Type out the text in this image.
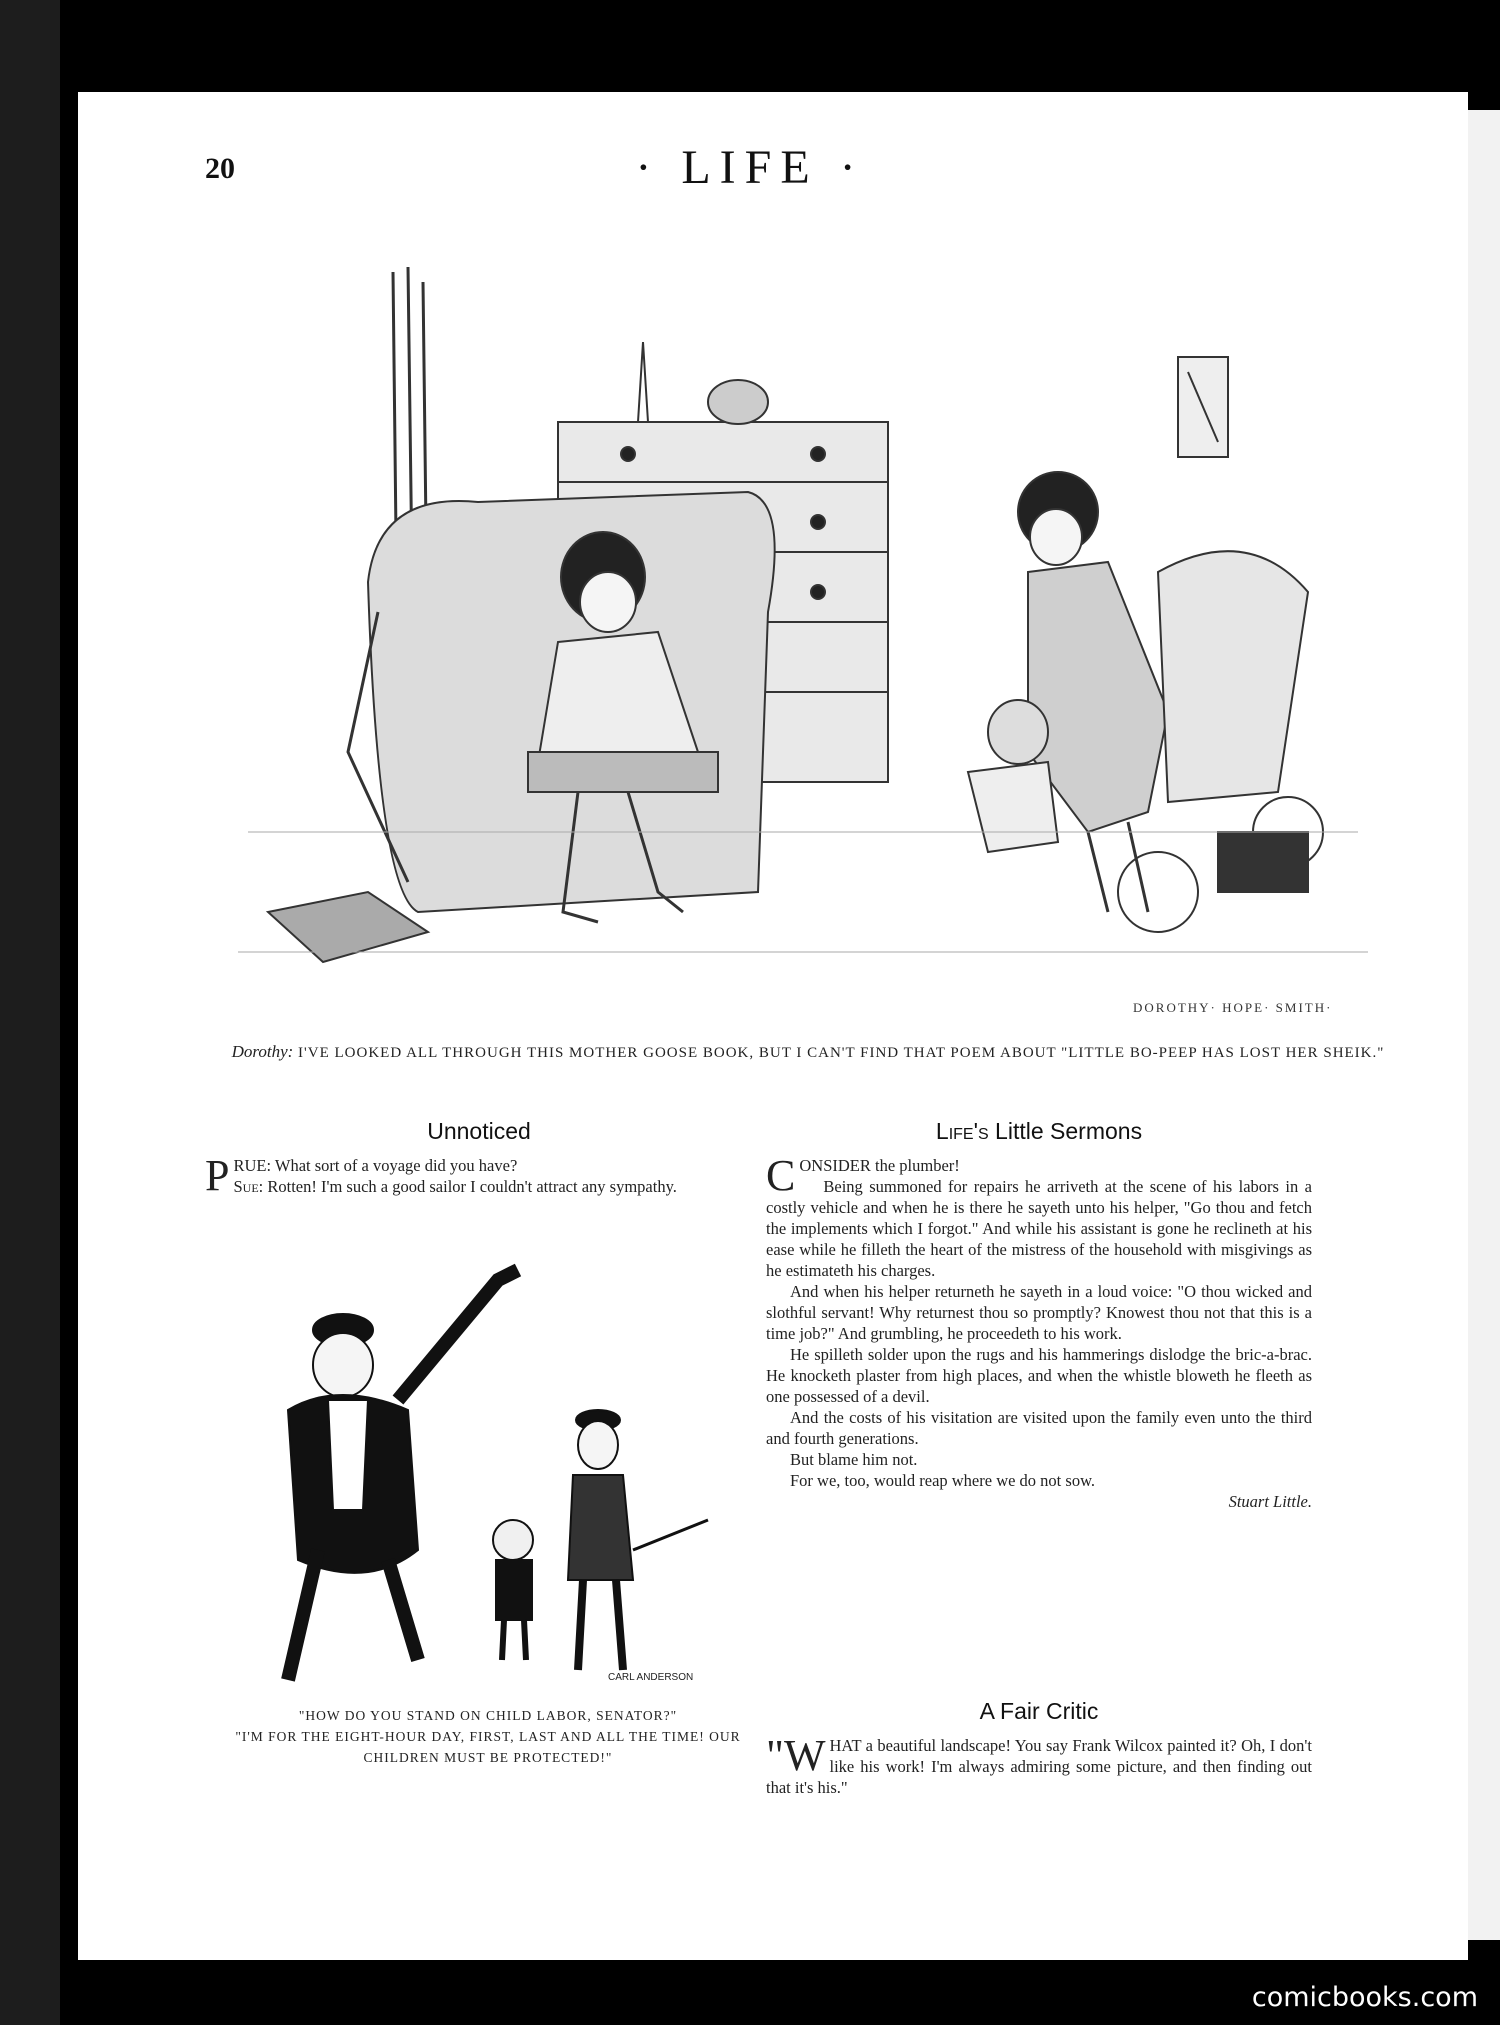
20	· LIFE ·
DOROTHY· HOPE· SMITH·
Dorothy: I'VE LOOKED ALL THROUGH THIS MOTHER GOOSE BOOK, BUT I CAN'T FIND THAT POEM ABOUT "LITTLE BO-PEEP HAS LOST HER SHEIK."
Unnoticed

PRUE: What sort of a voyage did you have?
Sue: Rotten! I'm such a good sailor I couldn't attract any sympathy.

CARL ANDERSON
"HOW DO YOU STAND ON CHILD LABOR, SENATOR?"
"I'M FOR THE EIGHT-HOUR DAY, FIRST, LAST AND ALL THE TIME! OUR CHILDREN MUST BE PROTECTED!"
Life's Little Sermons

CONSIDER the plumber!

Being summoned for repairs he arriveth at the scene of his labors in a costly vehicle and when he is there he sayeth unto his helper, "Go thou and fetch the implements which I forgot." And while his assistant is gone he reclineth at his ease while he filleth the heart of the mistress of the household with misgivings as he estimateth his charges.

And when his helper returneth he sayeth in a loud voice: "O thou wicked and slothful servant! Why returnest thou so promptly? Knowest thou not that this is a time job?" And grumbling, he proceedeth to his work.

He spilleth solder upon the rugs and his hammerings dislodge the bric-a-brac. He knocketh plaster from high places, and when the whistle bloweth he fleeth as one possessed of a devil.

And the costs of his visitation are visited upon the family even unto the third and fourth generations.

But blame him not.

For we, too, would reap where we do not sow.

Stuart Little.

A Fair Critic

"WHAT a beautiful landscape! You say Frank Wilcox painted it? Oh, I don't like his work! I'm always admiring some picture, and then finding out that it's his."

comicbooks.com
